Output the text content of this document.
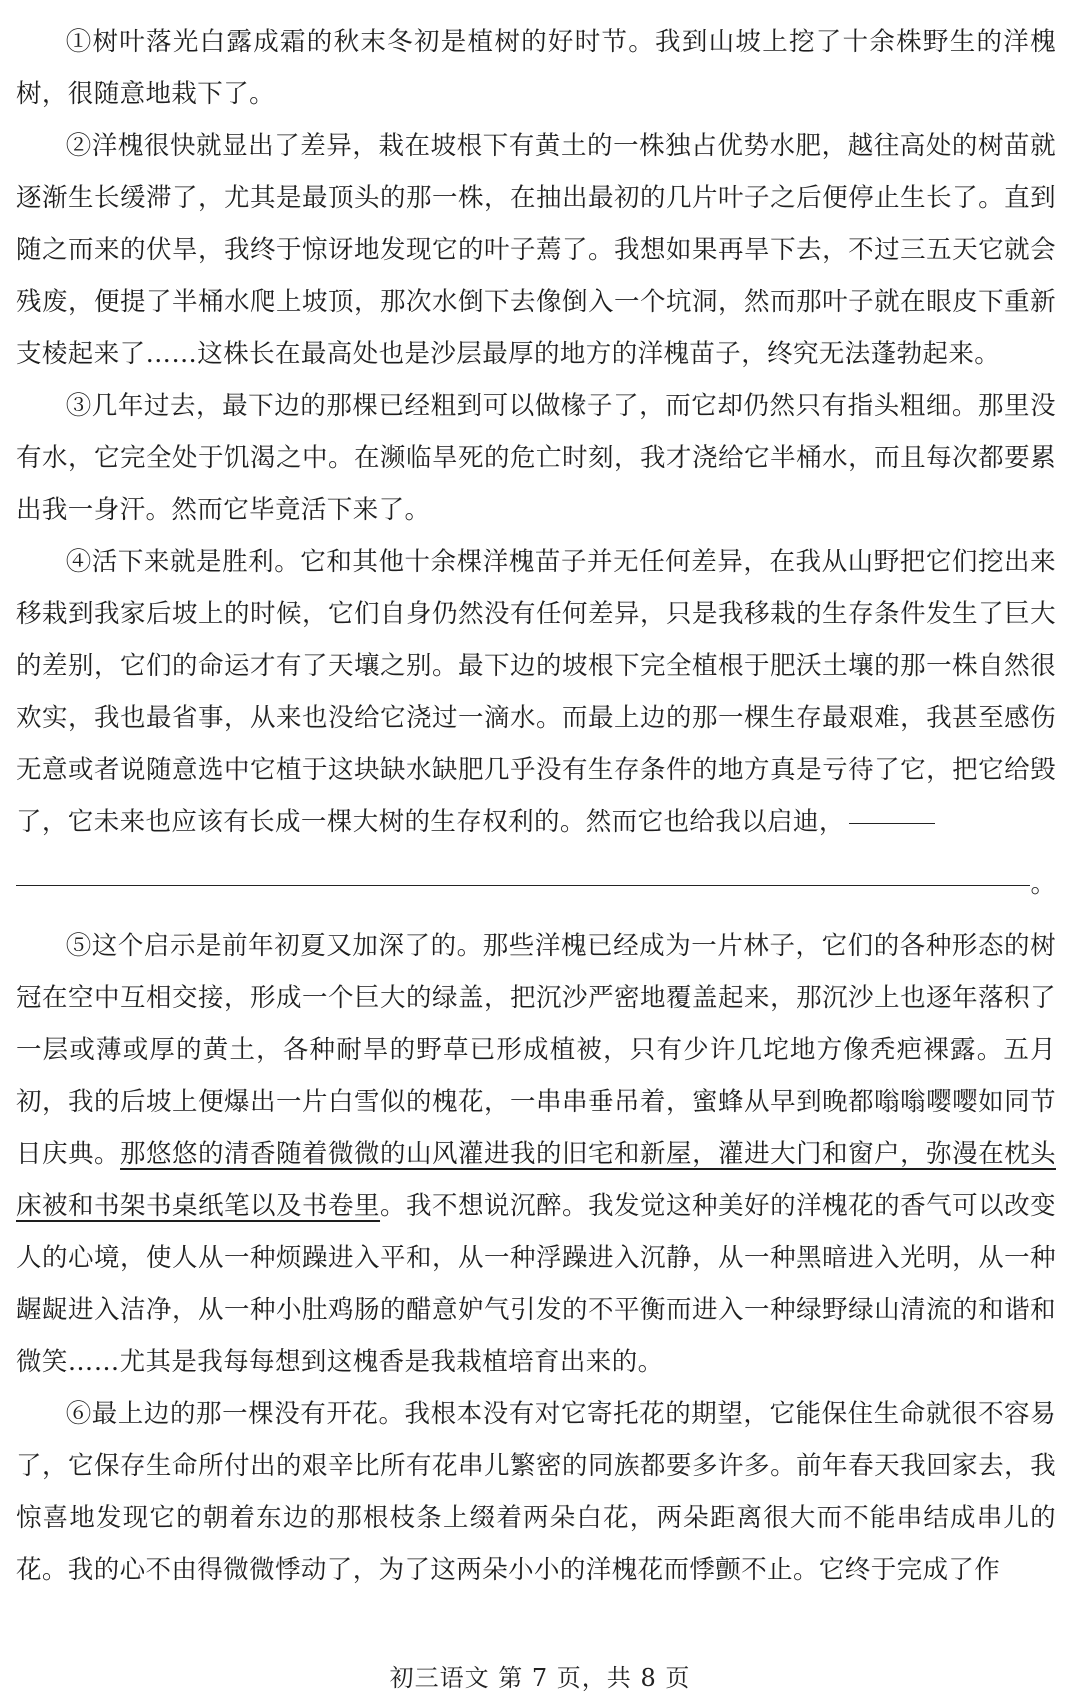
①树叶落光白露成霜的秋末冬初是植树的好时节。我到山坡上挖了十余株野生的洋槐树，很随意地栽下了。

②洋槐很快就显出了差异，栽在坡根下有黄土的一株独占优势水肥，越往高处的树苗就逐渐生长缓滞了，尤其是最顶头的那一株，在抽出最初的几片叶子之后便停止生长了。直到随之而来的伏旱，我终于惊讶地发现它的叶子蔫了。我想如果再旱下去，不过三五天它就会残废，便提了半桶水爬上坡顶，那次水倒下去像倒入一个坑洞，然而那叶子就在眼皮下重新支棱起来了……这株长在最高处也是沙层最厚的地方的洋槐苗子，终究无法蓬勃起来。

③几年过去，最下边的那棵已经粗到可以做椽子了，而它却仍然只有指头粗细。那里没有水，它完全处于饥渴之中。在濒临旱死的危亡时刻，我才浇给它半桶水，而且每次都要累出我一身汗。然而它毕竟活下来了。

④活下来就是胜利。它和其他十余棵洋槐苗子并无任何差异，在我从山野把它们挖出来移栽到我家后坡上的时候，它们自身仍然没有任何差异，只是我移栽的生存条件发生了巨大的差别，它们的命运才有了天壤之别。最下边的坡根下完全植根于肥沃土壤的那一株自然很欢实，我也最省事，从来也没给它浇过一滴水。而最上边的那一棵生存最艰难，我甚至感伤无意或者说随意选中它植于这块缺水缺肥几乎没有生存条件的地方真是亏待了它，把它给毁了，它未来也应该有长成一棵大树的生存权利的。然而它也给我以启迪，

。

⑤这个启示是前年初夏又加深了的。那些洋槐已经成为一片林子，它们的各种形态的树冠在空中互相交接，形成一个巨大的绿盖，把沉沙严密地覆盖起来，那沉沙上也逐年落积了一层或薄或厚的黄土，各种耐旱的野草已形成植被，只有少许几坨地方像秃疤裸露。五月初，我的后坡上便爆出一片白雪似的槐花，一串串垂吊着，蜜蜂从早到晚都嗡嗡嘤嘤如同节日庆典。那悠悠的清香随着微微的山风灌进我的旧宅和新屋，灌进大门和窗户，弥漫在枕头床被和书架书桌纸笔以及书卷里。我不想说沉醉。我发觉这种美好的洋槐花的香气可以改变人的心境，使人从一种烦躁进入平和，从一种浮躁进入沉静，从一种黑暗进入光明，从一种龌龊进入洁净，从一种小肚鸡肠的醋意妒气引发的不平衡而进入一种绿野绿山清流的和谐和微笑……尤其是我每每想到这槐香是我栽植培育出来的。

⑥最上边的那一棵没有开花。我根本没有对它寄托花的期望，它能保住生命就很不容易了，它保存生命所付出的艰辛比所有花串儿繁密的同族都要多许多。前年春天我回家去，我惊喜地发现它的朝着东边的那根枝条上缀着两朵白花，两朵距离很大而不能串结成串儿的花。我的心不由得微微悸动了，为了这两朵小小的洋槐花而悸颤不止。它终于完成了作

初三语文 第 7 页，共 8 页
